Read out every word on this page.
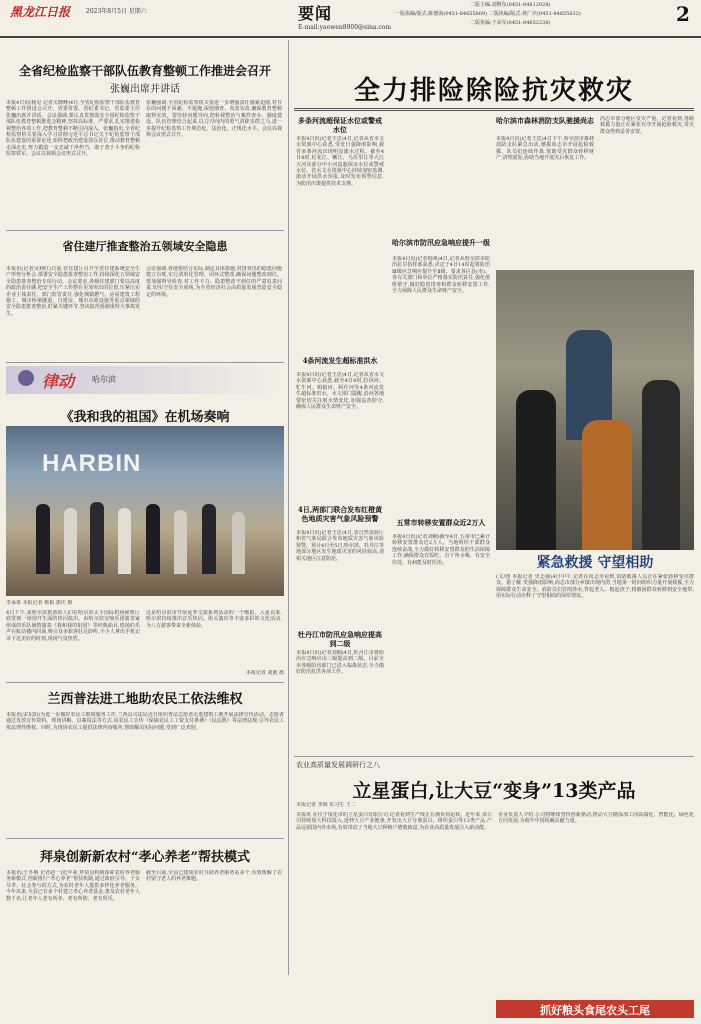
黑龙江日报	2023年8月5日 星期六	要闻
E-mail:yaowen8900@sina.com
二版主编:刘继东(0451-84612028)
一版执编/版式:陈德海(0451-84655809) 二版执编/版式:黄广庆(0451-84655632)
二版执编:于高军(0451-84652238)	2
全省纪检监察干部队伍教育整顿工作推进会召开
张巍出席并讲话
本报4日讯(杨见 记者关晓峰)4日,全省纪检监察干部队伍教育整顿工作推进会召开。省委常委、省纪委书记、省监委主任张巍出席并讲话。会议强调,要认真贯彻落实全国纪检监察干部队伍教育整顿推进会精神,坚持高标准、严要求,扎实推进检视整治各项工作,把教育整顿不断引向深入。张巍指出,全省纪检监察机关要深入学习贯彻习近平总书记关于纪检监察干部队伍建设的重要论述,始终把政治建设放在首位,推动教育整顿走深走实,努力锻造一支忠诚干净担当、敢于善于斗争的纪检监察铁军。会议以视频会议形式召开。
张巍强调,全省纪检监察机关要进一步增强责任感紧迫感,对存在的问题不回避、不遮掩,深挖细查、真改实改,确保教育整顿取得实效。要坚持问题导向,把检视整治与案件查办、制度建设、队伍管理结合起来,以刀刃向内的勇气清除害群之马,进一步提升纪检监察工作规范化、法治化、正规化水平。会议以视频会议形式召开。
省住建厅推查整治五领域安全隐患
本报讯(记者吴利红)日前,省住建厅召开全省住建系统安全生产形势分析会,部署安全隐患排查整治工作,持续深化五领域安全隐患排查整治专项行动。会议要求,各级住建部门要以高度的政治责任感,把安全生产工作摆在更加突出的位置,压紧压实企业主体责任、部门监管责任,强化城镇燃气、房屋建筑工程施工、城市桥梁隧道、自建房、城市市政设施等重点领域的安全隐患排查整治,盯紧关键环节,坚决防范遏制重特大事故发生。
会议强调,各地要结合实际,制定具体措施,对排查出的隐患问题建立台账,实行清单化管理、闭环式整改,确保问题整改到位。要加强督导检查,对工作不力、隐患整改不到位的严肃追责问责,切实守住安全底线,为全省经济社会高质量发展营造安全稳定的环境。
律动 哈尔滨
《我和我的祖国》在机场奏响
HARBIN
李承泰 本报记者 蔡韬 郭庆 摄
4日下午,来哈尔滨旅游的人们在哈尔滨太平国际机场候机厅欣赏到一场别开生面的快闪演出。由哈尔滨交响乐团演奏家组成的乐队倾情演奏《我和我的祖国》等经典曲目,悠扬的乐声在航站楼内回荡,吸引众多旅客驻足聆听,不少人拿出手机记录下这美好的时刻,现场气氛热烈。
这是哈尔滨市开展夏季文旅系列活动的一个缩影。入夏以来,哈尔滨持续推出音乐快闪、街头演出等丰富多彩的文化活动,为八方游客带来全新体验。
本报记者 刘旅 摄
兰西普法进工地助农民工依法维权
本报讯(宋东阳)为进一步做好农民工维权服务工作,兰西县司法局近日组织普法志愿者走进建筑工地开展法律宣传活动。志愿者通过发放宣传资料、现场讲解、以案说法等方式,向农民工宣传《保障农民工工资支付条例》《民法典》等法律法规,引导农民工依法理性维权。同时,为现场农民工提供法律咨询服务,帮助解决实际问题,受到广泛欢迎。
拜泉创新新农村“孝心养老”帮扶模式
本报讯(王冬梅 记者赵一)近年来,拜泉县积极探索农村养老服务新模式,创新推行“孝心养老”帮扶机制,通过政府引导、子女尽孝、社会参与的方式,为农村老年人提供多样化养老服务。今年以来,全县已有多个村建立孝心养老基金,惠及农村老年人数千名,让老年人老有所养、老有所依、老有所乐。
截至目前,全县已建成农村互助养老服务站多个,有效缓解了农村留守老人的养老难题。
全力排险除险抗灾救灾
多条河流超保证水位或警戒水位
本报4日讯(记者王思)4日,记者从省水文水资源中心获悉,受近日强降雨影响,我省多条河流出现明显涨水过程。截至4日8时,松花江、嫩江、乌苏里江等大江大河及部分中小河流超保证水位或警戒水位。省水文水资源中心持续加密监测,滚动开展洪水预报,及时发布预警信息,为防汛决策提供技术支撑。
4条河流发生超标准洪水
本报4日讯(记者王思)4日,记者从省水文水资源中心获悉,截至4日8时,拉林河、牤牛河、蚂蚁河、阿什河等4条河流发生超标准洪水。水文部门提醒,沿河各地要密切关注雨水情变化,加强巡查防守,确保人民群众生命财产安全。
4日,两部门联合发布红橙黄色地质灾害气象风险预警
本报4日讯(记者王思)4日,省自然资源厅和省气象局联合发布地质灾害气象风险预警。预计4日至5日,哈尔滨、牡丹江等地部分地区发生地质灾害的风险较高,请相关地区注意防范。
牡丹江市防汛应急响应提高到二级
本报4日讯(记者刘楠)4日,牡丹江市将防汛应急响应由三级提高到二级。目前全市各级防汛部门已进入临战状态,全力做好防汛抗洪各项工作。
哈尔滨市防汛应急响应提升一级
本报4日讯(记者韩爽)4日,记者从哈尔滨市防汛抗旱指挥部获悉,决定于4日14时起将防汛Ⅲ级应急响应提升至Ⅱ级。要求各区县(市)、各有关部门和单位严格落实防汛责任,强化值班值守,做好隐患排查和群众转移安置工作,全力保障人民群众生命财产安全。
五常市转移安置群众近2万人
本报4日讯(记者刘楠)截至4日,五常市已累计转移安置群众近2万人。当地组织干部群众连续奋战,全力做好转移安置群众的生活保障工作,确保群众有饭吃、有干净水喝、有安全住处、有病能及时医治。
哈尔滨市森林消防支队驰援尚志
本报4日讯(记者王思)4日下午,哈尔滨市森林消防支队紧急出动,驰援尚志市开展抢险救援。队员们连续作战,帮助受灾群众转移财产,清理淤泥,协助当地开展灾后恢复工作。
尚志市部分地区受灾严重。记者看到,各路救援力量正在紧张有序开展抢险救灾,受灾群众得到妥善安置。
紧急救援 守望相助
(文/图 本报记者 史志强)4日中午,记者在尚志市看到,消防救援人员正在紧张转移受灾群众。据了解,受强降雨影响,尚志市部分乡镇出现内涝,当地第一时间组织力量开展救援,全力保障群众生命安全。消防员们冒雨涉水,背起老人、抱起孩子,将被困群众转移到安全地带,用实际行动诠释了守望相助的深厚情谊。
农业高质量发展调研行之八
立星蛋白,让大豆“变身”13类产品
本报记者 李海 实习生 王二
本报讯 在位于绥化市的立星蛋白有限公司,记者看到生产线正在满负荷运转。近年来,该公司持续加大科技投入,延伸大豆产业链条,开发出大豆分离蛋白、组织蛋白等13类产品,产品远销国内外市场,有效带动了当地大豆种植户增收致富,为农业高质量发展注入新动能。
企业负责人介绍,公司将继续坚持创新驱动,推动大豆精深加工向高端化、智能化、绿色化方向发展,为端牢中国饭碗贡献力量。
抓好粮头食尾农头工尾
